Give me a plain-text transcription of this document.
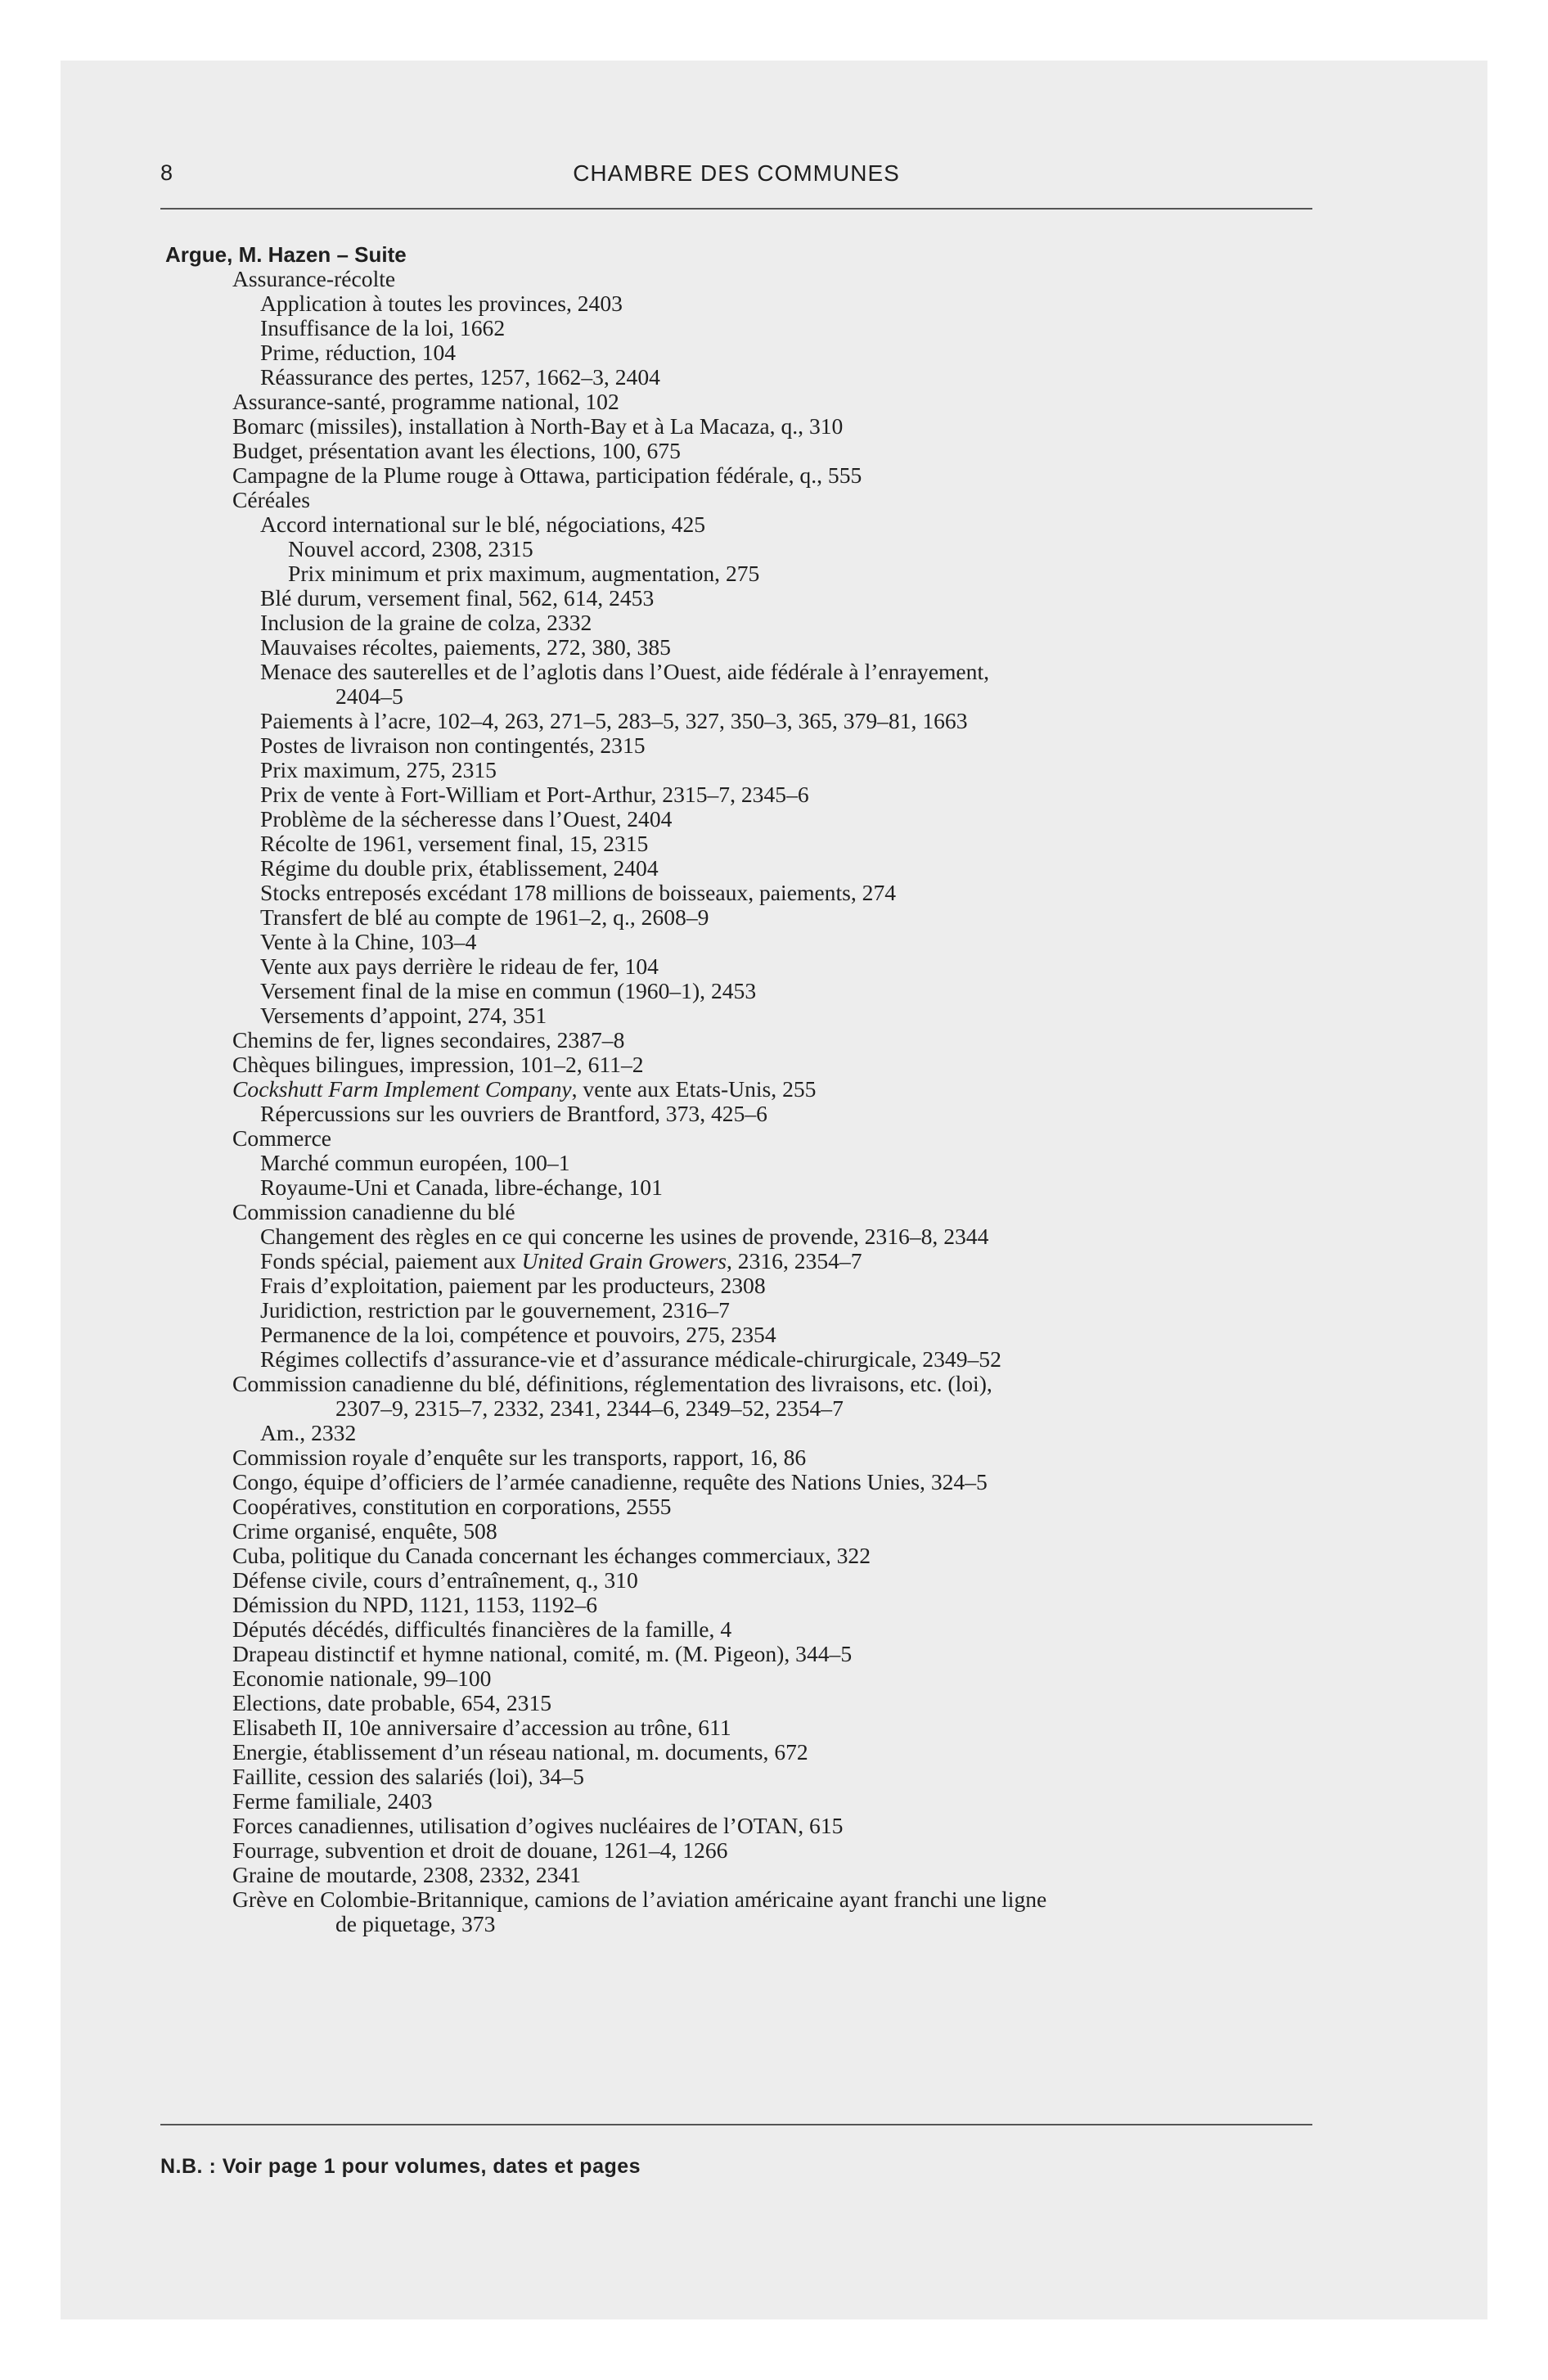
8	CHAMBRE DES COMMUNES
Argue, M. Hazen – Suite
Assurance-récolte
Application à toutes les provinces, 2403
Insuffisance de la loi, 1662
Prime, réduction, 104
Réassurance des pertes, 1257, 1662–3, 2404
Assurance-santé, programme national, 102
Bomarc (missiles), installation à North-Bay et à La Macaza, q., 310
Budget, présentation avant les élections, 100, 675
Campagne de la Plume rouge à Ottawa, participation fédérale, q., 555
Céréales
Accord international sur le blé, négociations, 425
Nouvel accord, 2308, 2315
Prix minimum et prix maximum, augmentation, 275
Blé durum, versement final, 562, 614, 2453
Inclusion de la graine de colza, 2332
Mauvaises récoltes, paiements, 272, 380, 385
Menace des sauterelles et de l’aglotis dans l’Ouest, aide fédérale à l’enrayement,
2404–5
Paiements à l’acre, 102–4, 263, 271–5, 283–5, 327, 350–3, 365, 379–81, 1663
Postes de livraison non contingentés, 2315
Prix maximum, 275, 2315
Prix de vente à Fort-William et Port-Arthur, 2315–7, 2345–6
Problème de la sécheresse dans l’Ouest, 2404
Récolte de 1961, versement final, 15, 2315
Régime du double prix, établissement, 2404
Stocks entreposés excédant 178 millions de boisseaux, paiements, 274
Transfert de blé au compte de 1961–2, q., 2608–9
Vente à la Chine, 103–4
Vente aux pays derrière le rideau de fer, 104
Versement final de la mise en commun (1960–1), 2453
Versements d’appoint, 274, 351
Chemins de fer, lignes secondaires, 2387–8
Chèques bilingues, impression, 101–2, 611–2
Cockshutt Farm Implement Company, vente aux Etats-Unis, 255
Répercussions sur les ouvriers de Brantford, 373, 425–6
Commerce
Marché commun européen, 100–1
Royaume-Uni et Canada, libre-échange, 101
Commission canadienne du blé
Changement des règles en ce qui concerne les usines de provende, 2316–8, 2344
Fonds spécial, paiement aux United Grain Growers, 2316, 2354–7
Frais d’exploitation, paiement par les producteurs, 2308
Juridiction, restriction par le gouvernement, 2316–7
Permanence de la loi, compétence et pouvoirs, 275, 2354
Régimes collectifs d’assurance-vie et d’assurance médicale-chirurgicale, 2349–52
Commission canadienne du blé, définitions, réglementation des livraisons, etc. (loi),
2307–9, 2315–7, 2332, 2341, 2344–6, 2349–52, 2354–7
Am., 2332
Commission royale d’enquête sur les transports, rapport, 16, 86
Congo, équipe d’officiers de l’armée canadienne, requête des Nations Unies, 324–5
Coopératives, constitution en corporations, 2555
Crime organisé, enquête, 508
Cuba, politique du Canada concernant les échanges commerciaux, 322
Défense civile, cours d’entraînement, q., 310
Démission du NPD, 1121, 1153, 1192–6
Députés décédés, difficultés financières de la famille, 4
Drapeau distinctif et hymne national, comité, m. (M. Pigeon), 344–5
Economie nationale, 99–100
Elections, date probable, 654, 2315
Elisabeth II, 10e anniversaire d’accession au trône, 611
Energie, établissement d’un réseau national, m. documents, 672
Faillite, cession des salariés (loi), 34–5
Ferme familiale, 2403
Forces canadiennes, utilisation d’ogives nucléaires de l’OTAN, 615
Fourrage, subvention et droit de douane, 1261–4, 1266
Graine de moutarde, 2308, 2332, 2341
Grève en Colombie-Britannique, camions de l’aviation américaine ayant franchi une ligne
de piquetage, 373
N.B. : Voir page 1 pour volumes, dates et pages
